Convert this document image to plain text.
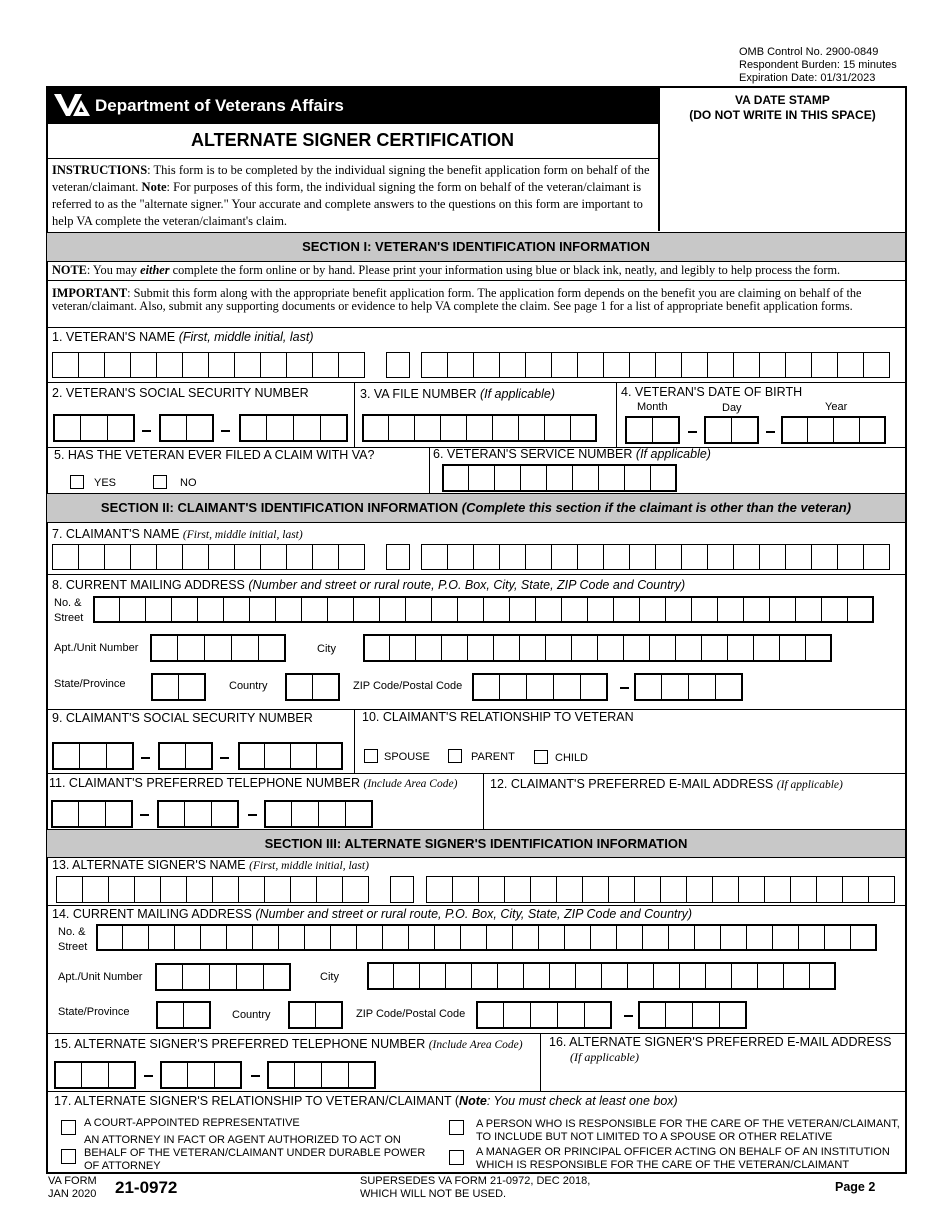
OMB Control No. 2900-0849
Respondent Burden: 15 minutes
Expiration Date: 01/31/2023
Department of Veterans Affairs
ALTERNATE SIGNER CERTIFICATION
VA DATE STAMP
(DO NOT WRITE IN THIS SPACE)
INSTRUCTIONS: This form is to be completed by the individual signing the benefit application form on behalf of the veteran/claimant. Note: For purposes of this form, the individual signing the form on behalf of the veteran/claimant is referred to as the "alternate signer." Your accurate and complete answers to the questions on this form are important to help VA complete the veteran/claimant's claim.
SECTION I: VETERAN'S IDENTIFICATION INFORMATION
NOTE: You may either complete the form online or by hand. Please print your information using blue or black ink, neatly, and legibly to help process the form.
IMPORTANT: Submit this form along with the appropriate benefit application form. The application form depends on the benefit you are claiming on behalf of the veteran/claimant. Also, submit any supporting documents or evidence to help VA complete the claim. See page 1 for a list of appropriate benefit application forms.
1. VETERAN'S NAME (First, middle initial, last)
2. VETERAN'S SOCIAL SECURITY NUMBER	3. VA FILE NUMBER (If applicable)	4. VETERAN'S DATE OF BIRTH
Month	Day	Year
5. HAS THE VETERAN EVER FILED A CLAIM WITH VA?
YES	NO
6. VETERAN'S SERVICE NUMBER (If applicable)
SECTION II: CLAIMANT'S IDENTIFICATION INFORMATION (Complete this section if the claimant is other than the veteran)
7. CLAIMANT'S NAME (First, middle initial, last)
8. CURRENT MAILING ADDRESS (Number and street or rural route, P.O. Box, City, State, ZIP Code and Country)
No. &
Street
Apt./Unit Number	City
State/Province	Country	ZIP Code/Postal Code
9. CLAIMANT'S SOCIAL SECURITY NUMBER	10. CLAIMANT'S RELATIONSHIP TO VETERAN
SPOUSE	PARENT	CHILD
11. CLAIMANT'S PREFERRED TELEPHONE NUMBER (Include Area Code)	12. CLAIMANT'S PREFERRED E-MAIL ADDRESS (If applicable)
SECTION III: ALTERNATE SIGNER'S IDENTIFICATION INFORMATION
13. ALTERNATE SIGNER'S NAME (First, middle initial, last)
14. CURRENT MAILING ADDRESS (Number and street or rural route, P.O. Box, City, State, ZIP Code and Country)
No. &
Street
Apt./Unit Number	City
State/Province	Country	ZIP Code/Postal Code
15. ALTERNATE SIGNER'S PREFERRED TELEPHONE NUMBER (Include Area Code) 16. ALTERNATE SIGNER'S PREFERRED E-MAIL ADDRESS
(If applicable)
17. ALTERNATE SIGNER'S RELATIONSHIP TO VETERAN/CLAIMANT (Note: You must check at least one box)
A COURT-APPOINTED REPRESENTATIVE
AN ATTORNEY IN FACT OR AGENT AUTHORIZED TO ACT ON
BEHALF OF THE VETERAN/CLAIMANT UNDER DURABLE POWER
OF ATTORNEY
A PERSON WHO IS RESPONSIBLE FOR THE CARE OF THE VETERAN/CLAIMANT,
TO INCLUDE BUT NOT LIMITED TO A SPOUSE OR OTHER RELATIVE
A MANAGER OR PRINCIPAL OFFICER ACTING ON BEHALF OF AN INSTITUTION
WHICH IS RESPONSIBLE FOR THE CARE OF THE VETERAN/CLAIMANT
VA FORM
JAN 2020 21-0972	SUPERSEDES VA FORM 21-0972, DEC 2018,
WHICH WILL NOT BE USED.	Page 2
